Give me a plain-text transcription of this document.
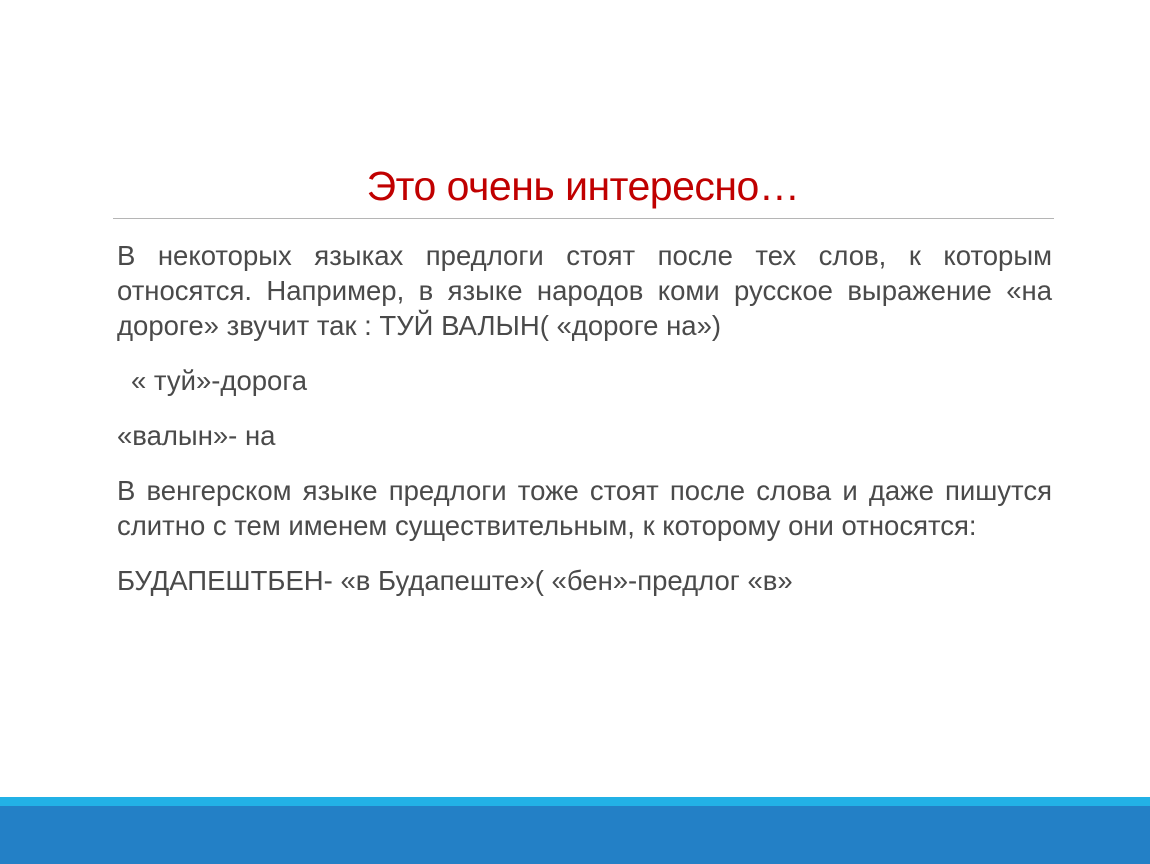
Это очень интересно…

В некоторых языках предлоги стоят после тех слов, к которым относятся. Например, в языке народов коми русское выражение «на дороге» звучит так : ТУЙ ВАЛЫН( «дороге на»)

« туй»-дорога

«валын»- на

В венгерском языке предлоги тоже стоят после слова и даже пишутся слитно с тем именем существительным, к которому они относятся:

БУДАПЕШТБЕН- «в Будапеште»( «бен»-предлог «в»
